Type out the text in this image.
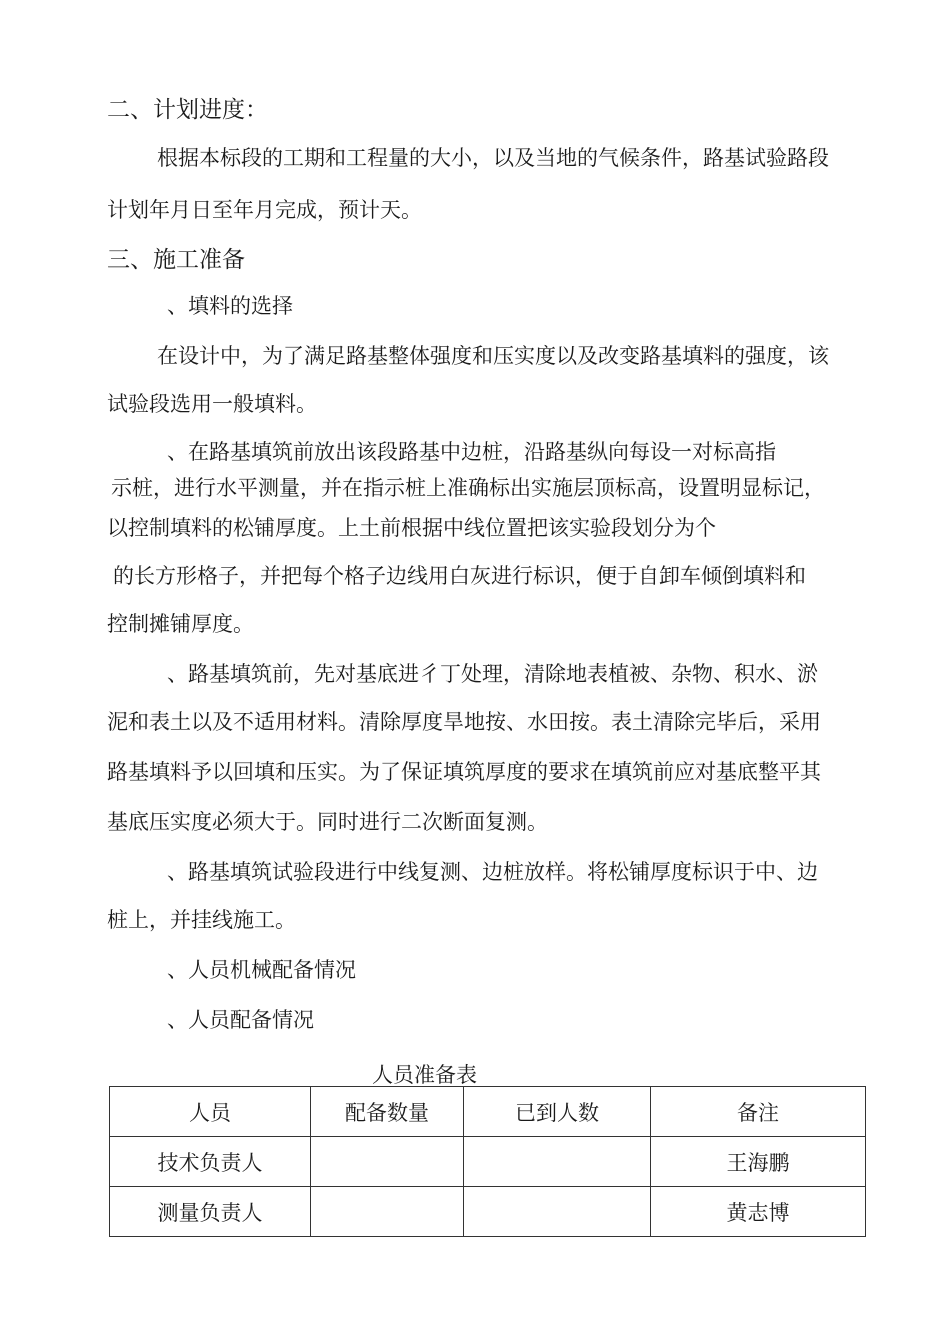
二、计划进度：
根据本标段的工期和工程量的大小，以及当地的气候条件，路基试验路段
计划年月日至年月完成，预计天。
三、施工准备
、填料的选择
在设计中，为了满足路基整体强度和压实度以及改变路基填料的强度，该
试验段选用一般填料。
、在路基填筑前放出该段路基中边桩，沿路基纵向每设一对标高指
示桩，进行水平测量，并在指示桩上准确标出实施层顶标高，设置明显标记，
以控制填料的松铺厚度。上土前根据中线位置把该实验段划分为个
的长方形格子，并把每个格子边线用白灰进行标识，便于自卸车倾倒填料和
控制摊铺厚度。
、路基填筑前，先对基底进彳丁处理，清除地表植被、杂物、积水、淤
泥和表土以及不适用材料。清除厚度旱地按、水田按。表土清除完毕后，采用
路基填料予以回填和压实。为了保证填筑厚度的要求在填筑前应对基底整平其
基底压实度必须大于。同时进行二次断面复测。
、路基填筑试验段进行中线复测、边桩放样。将松铺厚度标识于中、边
桩上，并挂线施工。
、人员机械配备情况
、人员配备情况
人员准备表
人员	配备数量	已到人数	备注
技术负责人			王海鹏
测量负责人			黄志博
